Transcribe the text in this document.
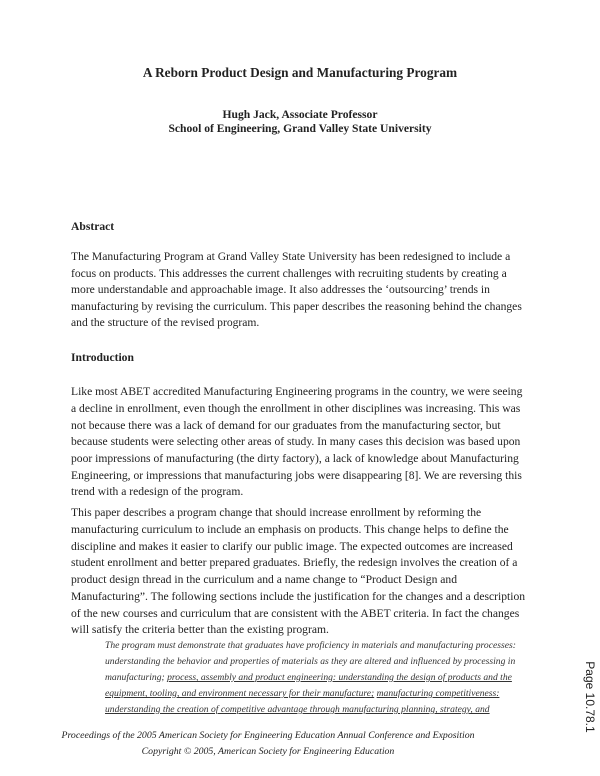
A Reborn Product Design and Manufacturing Program
Hugh Jack, Associate Professor
School of Engineering, Grand Valley State University
Abstract
The Manufacturing Program at Grand Valley State University has been redesigned to include a
focus on products. This addresses the current challenges with recruiting students by creating a
more understandable and approachable image. It also addresses the ‘outsourcing’ trends in
manufacturing by revising the curriculum. This paper describes the reasoning behind the changes
and the structure of the revised program.
Introduction
Like most ABET accredited Manufacturing Engineering programs in the country, we were seeing
a decline in enrollment, even though the enrollment in other disciplines was increasing. This was
not because there was a lack of demand for our graduates from the manufacturing sector, but
because students were selecting other areas of study. In many cases this decision was based upon
poor impressions of manufacturing (the dirty factory), a lack of knowledge about Manufacturing
Engineering, or impressions that manufacturing jobs were disappearing [8]. We are reversing this
trend with a redesign of the program.
This paper describes a program change that should increase enrollment by reforming the
manufacturing curriculum to include an emphasis on products. This change helps to define the
discipline and makes it easier to clarify our public image. The expected outcomes are increased
student enrollment and better prepared graduates. Briefly, the redesign involves the creation of a
product design thread in the curriculum and a name change to “Product Design and
Manufacturing”. The following sections include the justification for the changes and a description
of the new courses and curriculum that are consistent with the ABET criteria. In fact the changes
will satisfy the criteria better than the existing program.
The program must demonstrate that graduates have proficiency in materials and manufacturing processes:
understanding the behavior and properties of materials as they are altered and influenced by processing in
manufacturing; process, assembly and product engineering: understanding the design of products and the
equipment, tooling, and environment necessary for their manufacture; manufacturing competitiveness:
understanding the creation of competitive advantage through manufacturing planning, strategy, and
Proceedings of the 2005 American Society for Engineering Education Annual Conference and Exposition
Copyright © 2005, American Society for Engineering Education
Page 10.78.1
